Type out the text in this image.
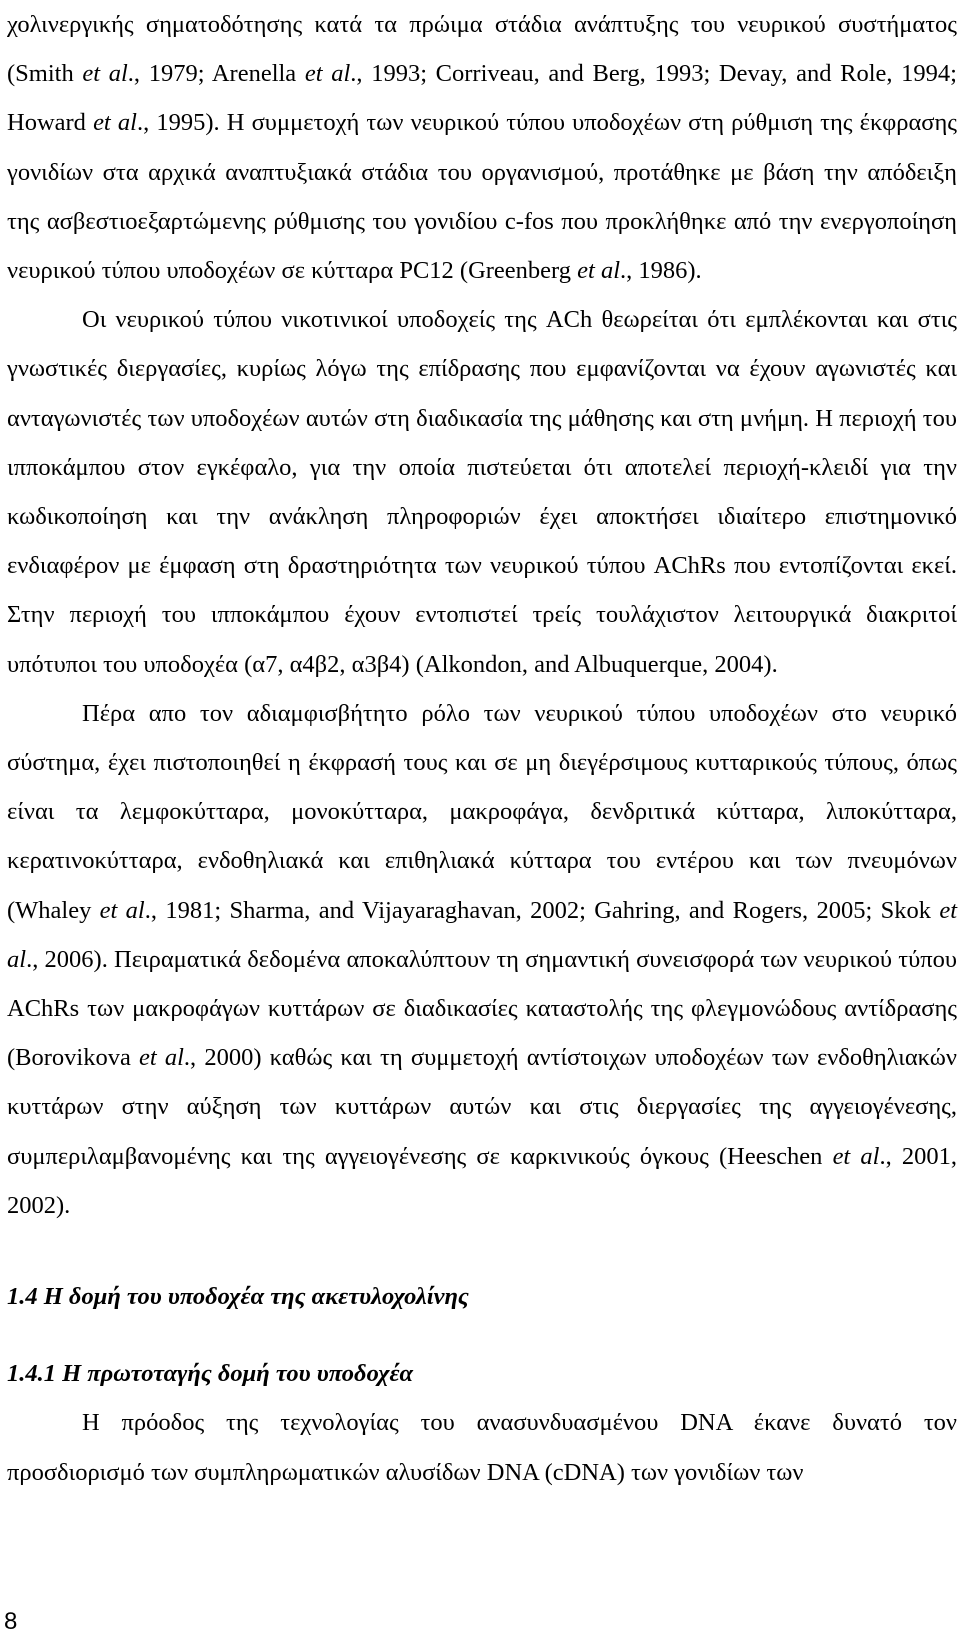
χολινεργικής σηματοδότησης κατά τα πρώιμα στάδια ανάπτυξης του νευρικού συστήματος (Smith et al., 1979; Arenella et al., 1993; Corriveau, and Berg, 1993; Devay, and Role, 1994; Howard et al., 1995). Η συμμετοχή των νευρικού τύπου υποδοχέων στη ρύθμιση της έκφρασης γονιδίων στα αρχικά αναπτυξιακά στάδια του οργανισμού, προτάθηκε με βάση την απόδειξη της ασβεστιοεξαρτώμενης ρύθμισης του γονιδίου c-fos που προκλήθηκε από την ενεργοποίηση νευρικού τύπου υποδοχέων σε κύτταρα PC12 (Greenberg et al., 1986).

Οι νευρικού τύπου νικοτινικοί υποδοχείς της ACh θεωρείται ότι εμπλέκονται και στις γνωστικές διεργασίες, κυρίως λόγω της επίδρασης που εμφανίζονται να έχουν αγωνιστές και ανταγωνιστές των υποδοχέων αυτών στη διαδικασία της μάθησης και στη μνήμη. Η περιοχή του ιπποκάμπου στον εγκέφαλο, για την οποία πιστεύεται ότι αποτελεί περιοχή-κλειδί για την κωδικοποίηση και την ανάκληση πληροφοριών έχει αποκτήσει ιδιαίτερο επιστημονικό ενδιαφέρον με έμφαση στη δραστηριότητα των νευρικού τύπου AChRs που εντοπίζονται εκεί. Στην περιοχή του ιπποκάμπου έχουν εντοπιστεί τρείς τουλάχιστον λειτουργικά διακριτοί υπότυποι του υποδοχέα (α7, α4β2, α3β4) (Alkondon, and Albuquerque, 2004).

Πέρα απο τον αδιαμφισβήτητο ρόλο των νευρικού τύπου υποδοχέων στο νευρικό σύστημα, έχει πιστοποιηθεί η έκφρασή τους και σε μη διεγέρσιμους κυτταρικούς τύπους, όπως είναι τα λεμφοκύτταρα, μονοκύτταρα, μακροφάγα, δενδριτικά κύτταρα, λιποκύτταρα, κερατινοκύτταρα, ενδοθηλιακά και επιθηλιακά κύτταρα του εντέρου και των πνευμόνων (Whaley et al., 1981; Sharma, and Vijayaraghavan, 2002; Gahring, and Rogers, 2005; Skok et al., 2006). Πειραματικά δεδομένα αποκαλύπτουν τη σημαντική συνεισφορά των νευρικού τύπου AChRs των μακροφάγων κυττάρων σε διαδικασίες καταστολής της φλεγμονώδους αντίδρασης (Borovikova et al., 2000) καθώς και τη συμμετοχή αντίστοιχων υποδοχέων των ενδοθηλιακών κυττάρων στην αύξηση των κυττάρων αυτών και στις διεργασίες της αγγειογένεσης, συμπεριλαμβανομένης και της αγγειογένεσης σε καρκινικούς όγκους (Heeschen et al., 2001, 2002).

1.4 Η δομή του υποδοχέα της ακετυλοχολίνης
1.4.1 Η πρωτοταγής δομή του υποδοχέα

Η πρόοδος της τεχνολογίας του ανασυνδυασμένου DNA έκανε δυνατό τον προσδιορισμό των συμπληρωματικών αλυσίδων DNA (cDNA) των γονιδίων των

8
